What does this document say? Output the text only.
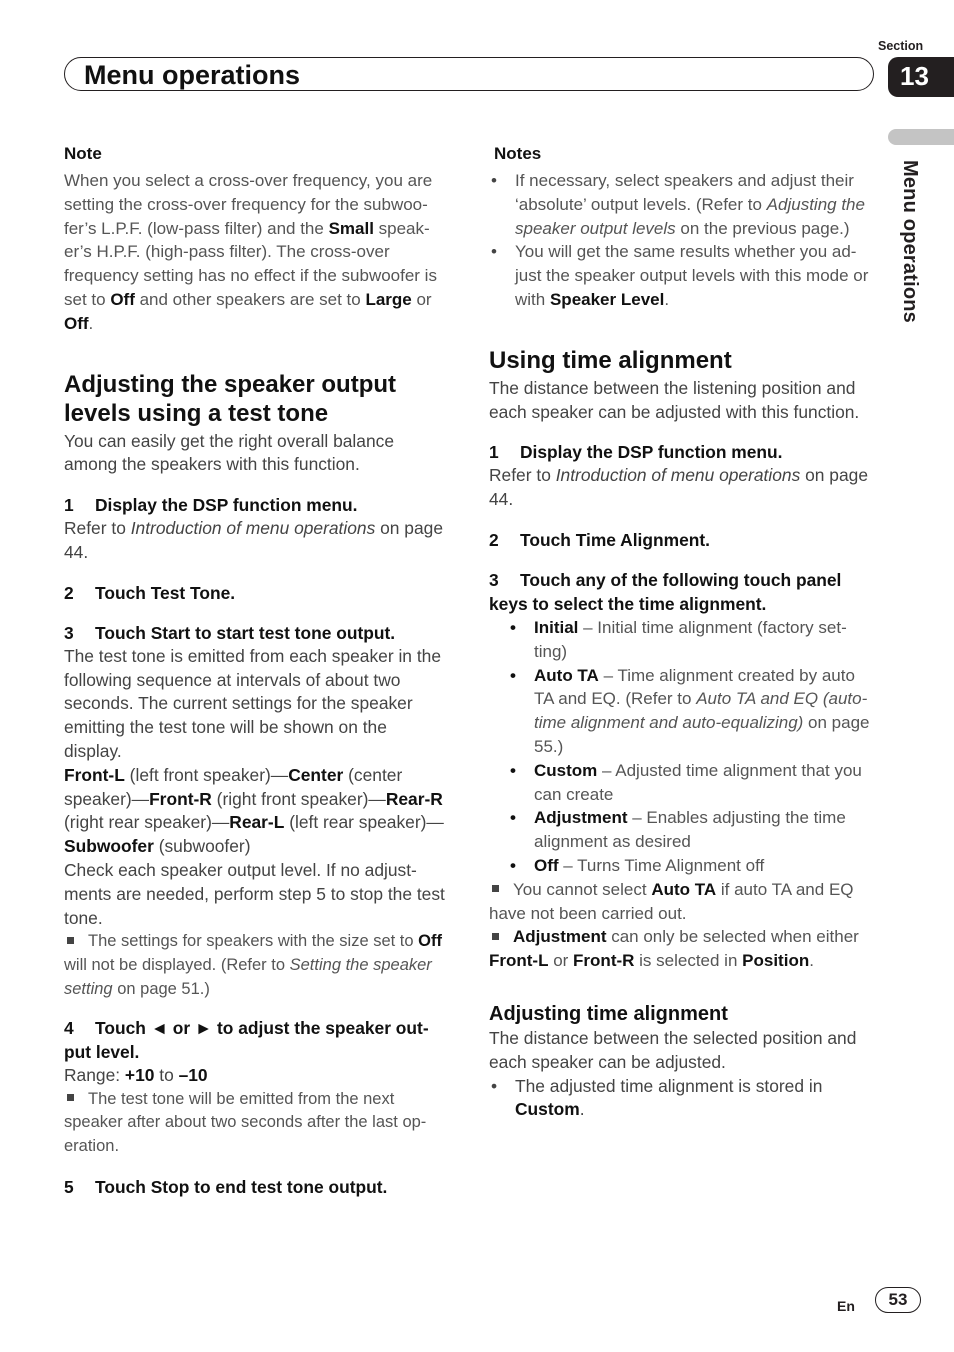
Menu operations
Section
13
Menu operations
Note
When you select a cross-over frequency, you are setting the cross-over frequency for the subwoo-fer’s L.P.F. (low-pass filter) and the Small speak-er’s H.P.F. (high-pass filter). The cross-over frequency setting has no effect if the subwoofer is set to Off and other speakers are set to Large or Off.
Adjusting the speaker output levels using a test tone
You can easily get the right overall balance among the speakers with this function.
1 Display the DSP function menu.
Refer to Introduction of menu operations on page 44.
2 Touch Test Tone.
3 Touch Start to start test tone output.
The test tone is emitted from each speaker in the following sequence at intervals of about two seconds. The current settings for the speaker emitting the test tone will be shown on the display.
Front-L (left front speaker)—Center (center speaker)—Front-R (right front speaker)—Rear-R (right rear speaker)—Rear-L (left rear speaker)—Subwoofer (subwoofer)
Check each speaker output level. If no adjust-ments are needed, perform step 5 to stop the test tone.
The settings for speakers with the size set to Off will not be displayed. (Refer to Setting the speaker setting on page 51.)
4 Touch ◄ or ► to adjust the speaker out-put level.
Range: +10 to –10
The test tone will be emitted from the next speaker after about two seconds after the last op-eration.
5 Touch Stop to end test tone output.
Notes
• If necessary, select speakers and adjust their ‘absolute’ output levels. (Refer to Adjusting the speaker output levels on the previous page.)
• You will get the same results whether you ad-just the speaker output levels with this mode or with Speaker Level.
Using time alignment
The distance between the listening position and each speaker can be adjusted with this function.
1 Display the DSP function menu.
Refer to Introduction of menu operations on page 44.
2 Touch Time Alignment.
3 Touch any of the following touch panel keys to select the time alignment.
• Initial – Initial time alignment (factory set-ting)
• Auto TA – Time alignment created by auto TA and EQ. (Refer to Auto TA and EQ (auto-time alignment and auto-equalizing) on page 55.)
• Custom – Adjusted time alignment that you can create
• Adjustment – Enables adjusting the time alignment as desired
• Off – Turns Time Alignment off
You cannot select Auto TA if auto TA and EQ have not been carried out.
Adjustment can only be selected when either Front-L or Front-R is selected in Position.
Adjusting time alignment
The distance between the selected position and each speaker can be adjusted.
• The adjusted time alignment is stored in Custom.
En	53
